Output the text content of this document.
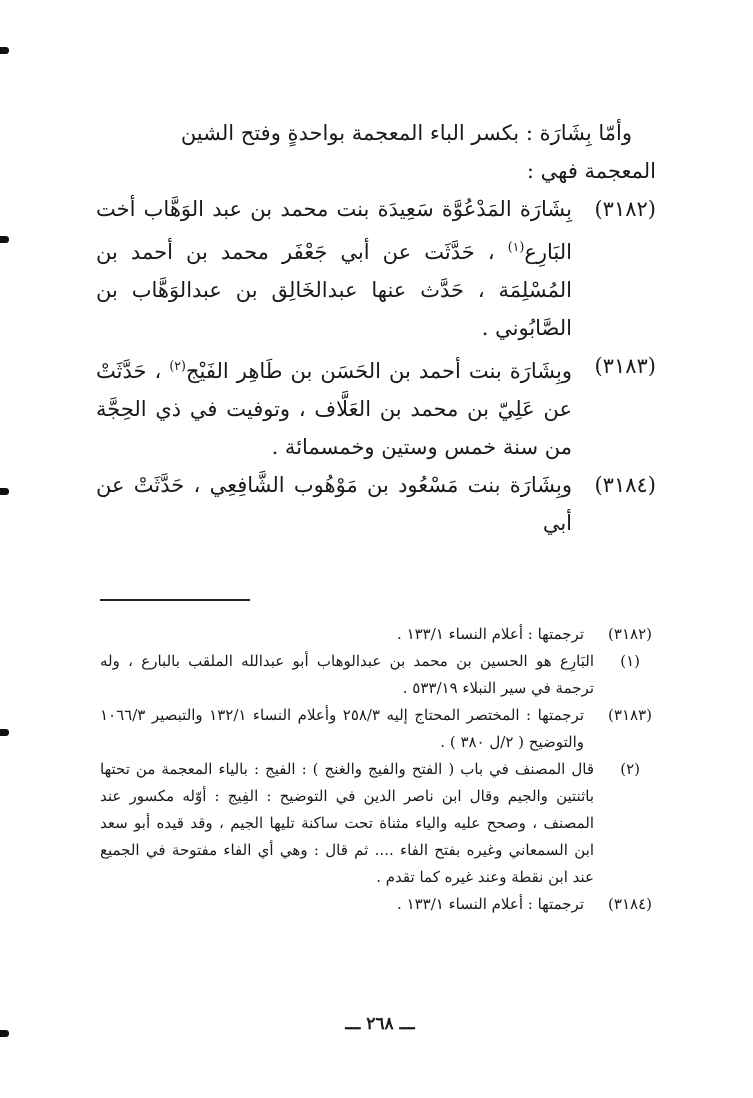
وأمّا بِشَارَة : بكسر الباء المعجمة بواحدةٍ وفتح الشين

المعجمة فهي :

(٣١٨٢)
بِشَارَة المَدْعُوَّة سَعِيدَة بنت محمد بن عبد الوَهَّاب أخت البَارِع$^{(١)}$ ، حَدَّثَت عن أبي جَعْفَر محمد بن أحمد بن المُسْلِمَة ، حَدَّث عنها عبدالخَالِق بن عبدالوَهَّاب بن الصَّابُوني .
(٣١٨٣)
وبِشَارَة بنت أحمد بن الحَسَن بن طَاهِر الفَيْج$^{(٢)}$ ، حَدَّثَتْ عن عَلِيّ بن محمد بن العَلَّاف ، وتوفيت في ذي الحِجَّة من سنة خمس وستين وخمسمائة .
(٣١٨٤)
وبِشَارَة بنت مَسْعُود بن مَوْهُوب الشَّافِعِي ، حَدَّثَتْ عن أبي
(٣١٨٢)
ترجمتها : أعلام النساء ١٣٣/١ .
(١)
البَارِع هو الحسين بن محمد بن عبدالوهاب أبو عبدالله الملقب بالبارع ، وله ترجمة في سير النبلاء ٥٣٣/١٩ .
(٣١٨٣)
ترجمتها : المختصر المحتاج إليه ٢٥٨/٣ وأعلام النساء ١٣٢/١ والتبصير ١٠٦٦/٣ والتوضيح ( ٢/ل ٣٨٠ ) .
(٢)
قال المصنف في باب ( الفتح والفيج والغنج ) : الفيج : بالياء المعجمة من تحتها باثنتين والجيم وقال ابن ناصر الدين في التوضيح : الفِيج : أوّله مكسور عند المصنف ، وصحح عليه والياء مثناة تحت ساكنة تليها الجيم ، وقد قيده أبو سعد ابن السمعاني وغيره بفتح الفاء .... ثم قال : وهي أي الفاء مفتوحة في الجميع عند ابن نقطة وعند غيره كما تقدم .
(٣١٨٤)
ترجمتها : أعلام النساء ١٣٣/١ .
ـــ ٢٦٨ ـــ
